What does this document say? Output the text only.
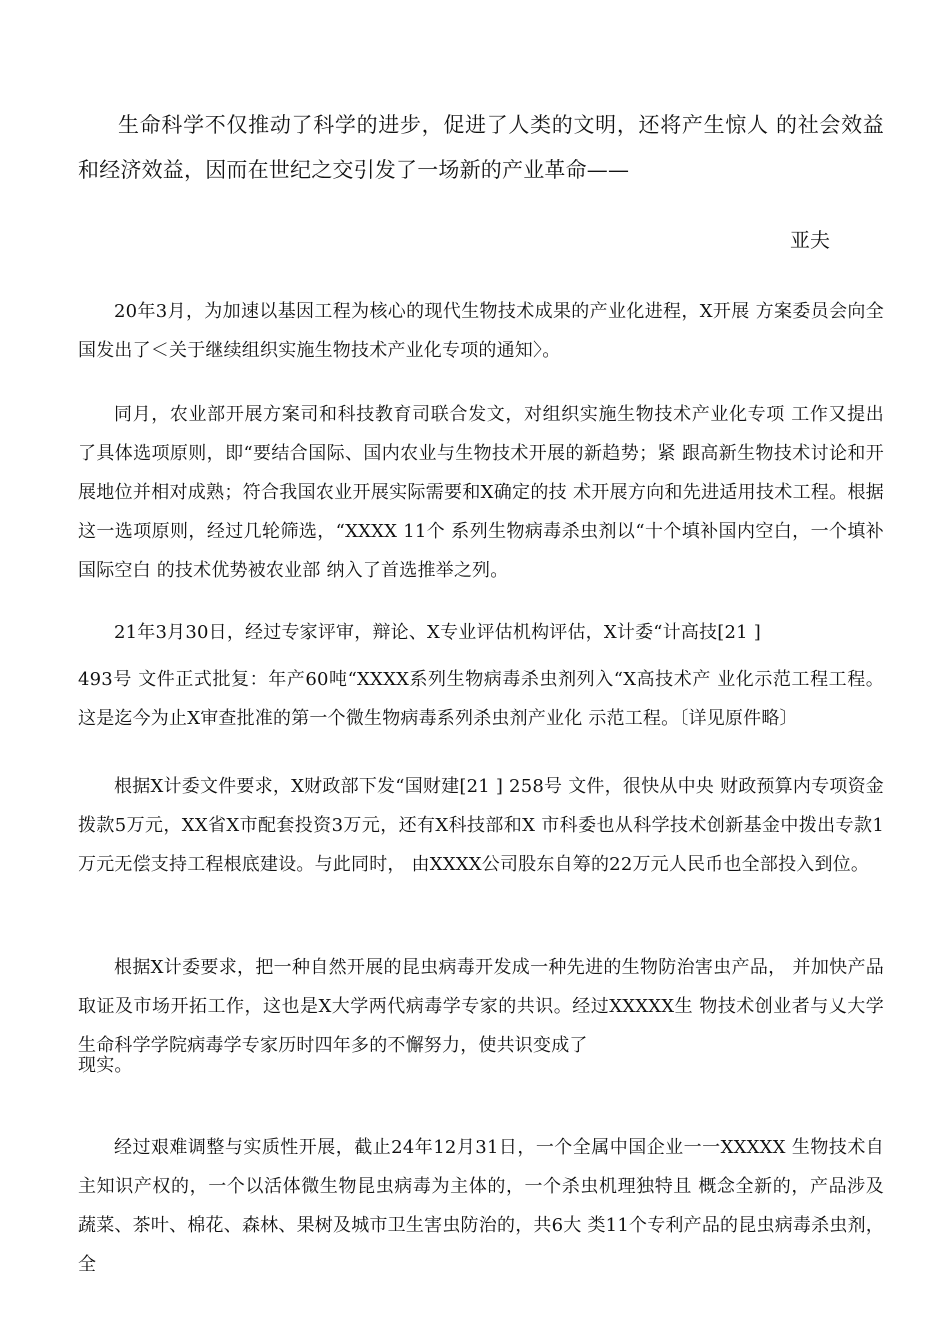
生命科学不仅推动了科学的进步，促进了人类的文明，还将产生惊人 的社会效益和经济效益，因而在世纪之交引发了一场新的产业革命——

亚夫

20年3月，为加速以基因工程为核心的现代生物技术成果的产业化进程，X开展 方案委员会向全国发出了＜关于继续组织实施生物技术产业化专项的通知〉。

同月，农业部开展方案司和科技教育司联合发文，对组织实施生物技术产业化专项 工作又提出了具体选项原则，即“要结合国际、国内农业与生物技术开展的新趋势；紧 跟高新生物技术讨论和开展地位并相对成熟；符合我国农业开展实际需要和X确定的技 术开展方向和先进适用技术工程。根据这一选项原则，经过几轮筛选，“XXXX 11个 系列生物病毒杀虫剂以“十个填补国内空白，一个填补国际空白 的技术优势被农业部 纳入了首选推举之列。

21年3月30日，经过专家评审，辩论、X专业评估机构评估，X计委“计高技[21 ]

493号 文件正式批复：年产60吨“XXXX系列生物病毒杀虫剂列入“X高技术产 业化示范工程工程。这是迄今为止X审查批准的第一个微生物病毒系列杀虫剂产业化 示范工程。〔详见原件略〕

根据X计委文件要求，X财政部下发“国财建[21 ] 258号 文件，很快从中央 财政预算内专项资金拨款5万元，XX省X市配套投资3万元，还有X科技部和X 市科委也从科学技术创新基金中拨出专款1万元无偿支持工程根底建设。与此同时， 由XXXX公司股东自筹的22万元人民币也全部投入到位。

根据X计委要求，把一种自然开展的昆虫病毒开发成一种先进的生物防治害虫产品， 并加快产品取证及市场开拓工作，这也是X大学两代病毒学专家的共识。经过XXXXX生 物技术创业者与乂大学生命科学学院病毒学专家历时四年多的不懈努力，使共识变成了

现实。

经过艰难调整与实质性开展，截止24年12月31日，一个全属中国企业一一XXXXX 生物技术自主知识产权的，一个以活体微生物昆虫病毒为主体的，一个杀虫机理独特且 概念全新的，产品涉及蔬菜、茶叶、棉花、森林、果树及城市卫生害虫防治的，共6大 类11个专利产品的昆虫病毒杀虫剂，全
